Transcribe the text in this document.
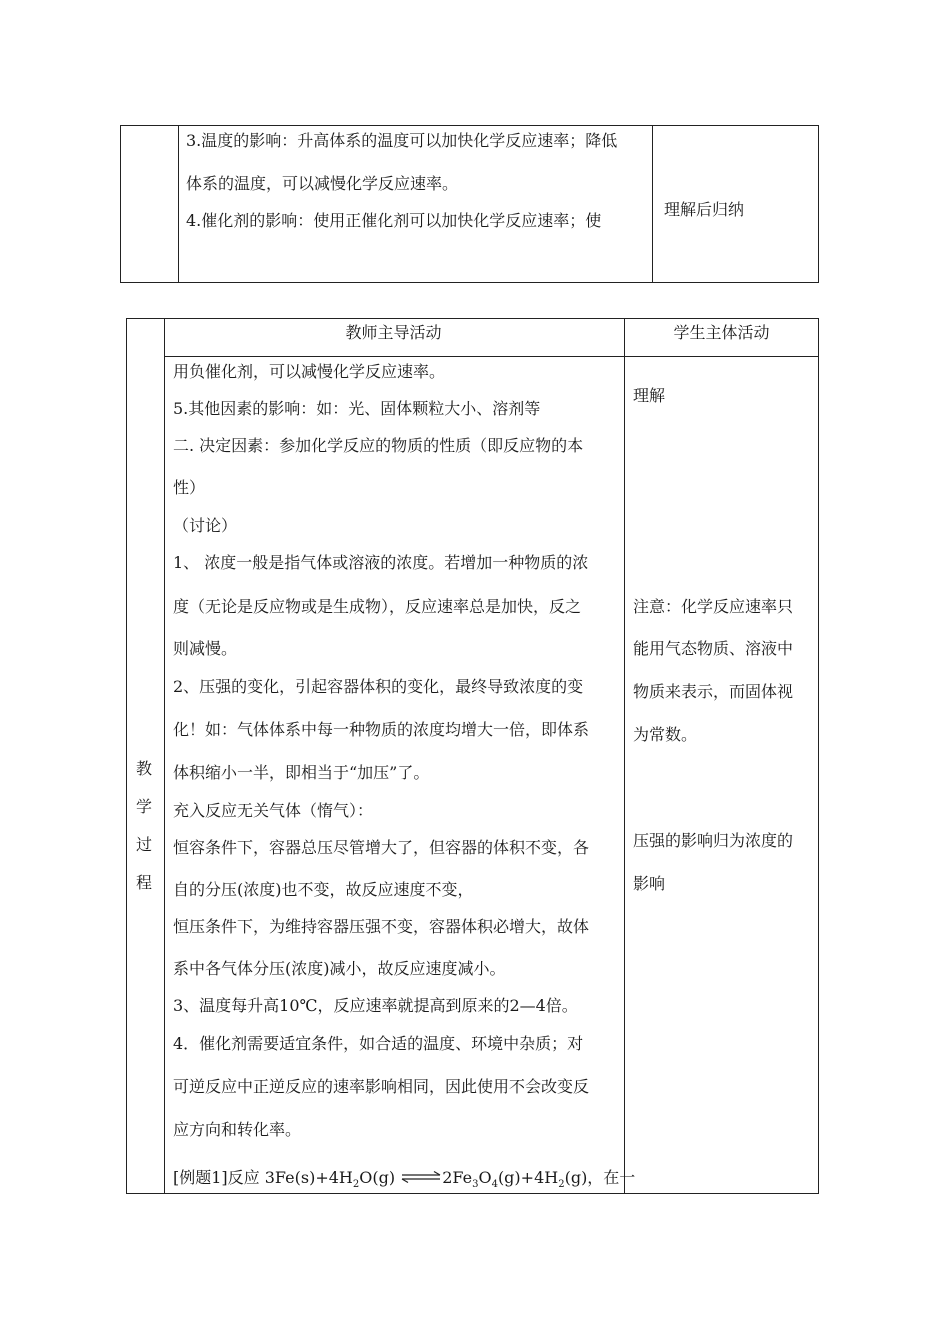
3.温度的影响：升高体系的温度可以加快化学反应速率；降低
体系的温度，可以减慢化学反应速率。
4.催化剂的影响：使用正催化剂可以加快化学反应速率；使
理解后归纳
教师主导活动	学生主体活动
教
学
过
程
用负催化剂，可以减慢化学反应速率。
5.其他因素的影响：如：光、固体颗粒大小、溶剂等
二. 决定因素：参加化学反应的物质的性质（即反应物的本
性）
（讨论）
1、 浓度一般是指气体或溶液的浓度。若增加一种物质的浓
度（无论是反应物或是生成物），反应速率总是加快，反之
则减慢。
2、压强的变化，引起容器体积的变化，最终导致浓度的变
化！如：气体体系中每一种物质的浓度均增大一倍，即体系
体积缩小一半，即相当于“加压”了。
充入反应无关气体（惰气）：
恒容条件下，容器总压尽管增大了，但容器的体积不变，各
自的分压(浓度)也不变，故反应速度不变，
恒压条件下，为维持容器压强不变，容器体积必增大，故体
系中各气体分压(浓度)减小，故反应速度减小。
3、温度每升高10℃，反应速率就提高到原来的2—4倍。
4．催化剂需要适宜条件，如合适的温度、环境中杂质；对
可逆反应中正逆反应的速率影响相同，因此使用不会改变反
应方向和转化率。
[例题1]反应 $3Fe(s)+4H_2O(g)$ $\rightleftharpoons 2Fe_3O_4(g)+4H_2(g)$，在一
理解
注意：化学反应速率只
能用气态物质、溶液中
物质来表示，而固体视
为常数。
压强的影响归为浓度的
影响
